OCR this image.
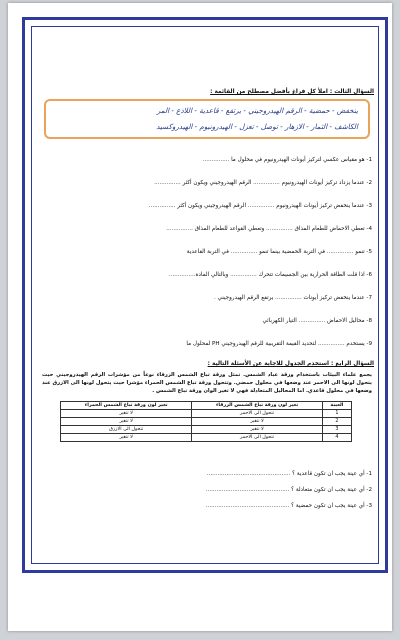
السؤال الثالث : املأ كل فراغ بأفضل مصطلح من القائمة :
ينخفض - حمضية - الرقم الهيدروجيني - يرتفع - قاعدية - اللاذع - المر
الكاشف - الثمار - الازهار - توصل - تعزل - الهيدرونيوم - الهيدروكسيد
1- هو مقياس عكسي لتركيز أيونات الهيدرونيوم في محلول ما ...............
2- عندما يزداد تركيز أيونات الهيدرونيوم ............... الرقم الهيدروجيني ويكون أكثر ...............
3- عندما ينخفض تركيز أيونات الهيدرونيوم ............... الرقم الهيدروجيني ويكون أكثر ...............
4- تعطي الاحماض للطعام المذاق ............... وتعطي القواعد للطعام المذاق ...............
5- تنمو ............... في التربة الحمضية بينما تنمو ............... في التربة القاعدية
6- اذا قلت الطاقة الحرارية بين الجسيمات تتحرك ............... وبالتالي المادة...............
7- عندما ينخفض تركيز أيونات ............... يرتفع الرقم الهيدروجيني .
8- محاليل الاحماض ............... التيار الكهربائي
9- يستخدم ............... لتحديد القيمة التقريبية للرقم الهيدروجيني PH لمحلول ما
السؤال الرابع : استخدم الجدول للاجابة عن الأسئلة التالية :
يجمع علماء البيئات باستخدام ورقة عباد الشمس. تمثل ورقة تباع الشمس الزرقاء نوعاً من مؤشرات الرقم الهيدروجيني حيث يتحول لونها الى الاحمر عند وضعها في محلول حمضي. وتتحول ورقة تباع الشمس الحمراء مؤشرا حيث يتحول لونها الى الازرق عند وضعها في محلول قاعدي. اما المحاليل المتعادلة فهي لا تغير الوان ورقة تباع الشمس .
العينة	تغير لون ورقة تباع الشمس الزرقاء	تغير لون ورقة تباع الشمس الحمراء
1	تتحول الى الاحمر	لا تتغير
2	لا تتغير	لا تتغير
3	لا تتغير	تتحول الى الازرق
4	تتحول الى الاحمر	لا تتغير
1- أي عينة يجب ان تكون قاعدية ؟ ...............................................
2- أي عينة يجب ان تكون متعادلة ؟ ...............................................
3- أي عينة يجب ان تكون حمضية ؟ ...............................................
